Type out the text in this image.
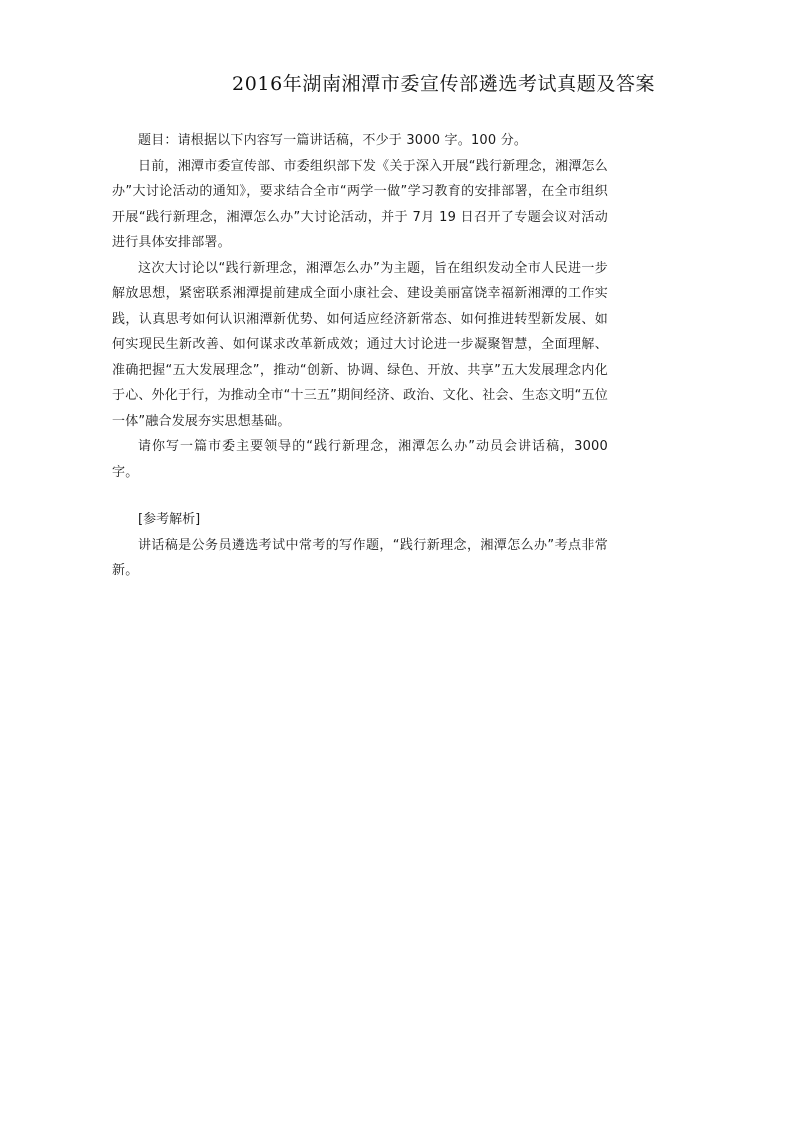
2016年湖南湘潭市委宣传部遴选考试真题及答案

题目：请根据以下内容写一篇讲话稿，不少于 3000 字。100 分。

日前，湘潭市委宣传部、市委组织部下发《关于深入开展“践行新理念，湘潭怎么办”大讨论活动的通知》，要求结合全市“两学一做”学习教育的安排部署，在全市组织开展“践行新理念，湘潭怎么办”大讨论活动，并于 7月 19 日召开了专题会议对活动进行具体安排部署。

这次大讨论以“践行新理念，湘潭怎么办”为主题，旨在组织发动全市人民进一步解放思想，紧密联系湘潭提前建成全面小康社会、建设美丽富饶幸福新湘潭的工作实践，认真思考如何认识湘潭新优势、如何适应经济新常态、如何推进转型新发展、如何实现民生新改善、如何谋求改革新成效；通过大讨论进一步凝聚智慧，全面理解、准确把握“五大发展理念”，推动“创新、协调、绿色、开放、共享”五大发展理念内化于心、外化于行，为推动全市“十三五”期间经济、政治、文化、社会、生态文明“五位一体”融合发展夯实思想基础。

请你写一篇市委主要领导的“践行新理念，湘潭怎么办”动员会讲话稿，3000 字。

[参考解析]

讲话稿是公务员遴选考试中常考的写作题，“践行新理念，湘潭怎么办”考点非常新。
